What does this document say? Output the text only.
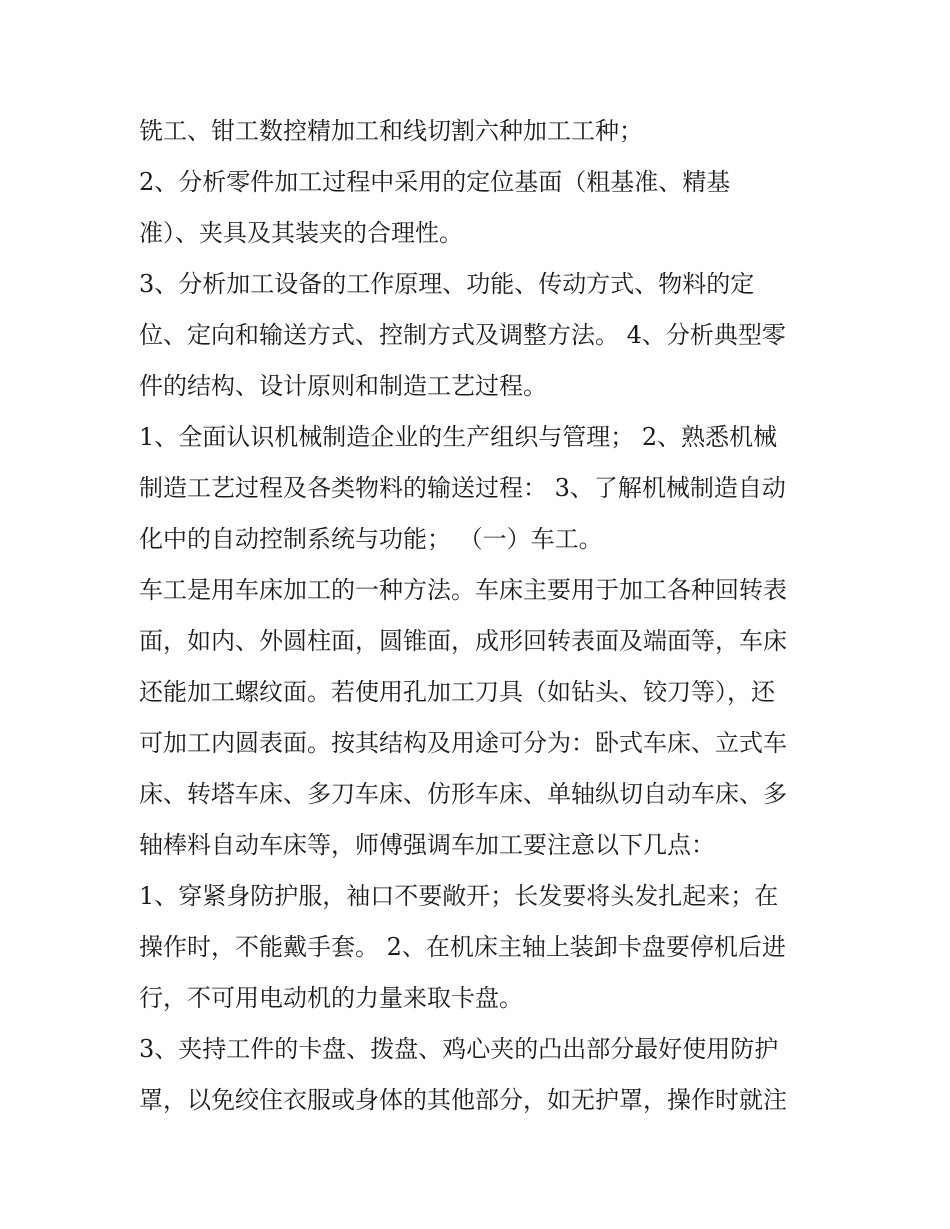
铣工、钳工数控精加工和线切割六种加工工种；
2、分析零件加工过程中采用的定位基面（粗基准、精基
准）、夹具及其装夹的合理性。
3、分析加工设备的工作原理、功能、传动方式、物料的定
位、定向和输送方式、控制方式及调整方法。 4、分析典型零
件的结构、设计原则和制造工艺过程。
1、全面认识机械制造企业的生产组织与管理； 2、熟悉机械
制造工艺过程及各类物料的输送过程： 3、了解机械制造自动
化中的自动控制系统与功能； （一）车工。
车工是用车床加工的一种方法。车床主要用于加工各种回转表
面，如内、外圆柱面，圆锥面，成形回转表面及端面等，车床
还能加工螺纹面。若使用孔加工刀具（如钻头、铰刀等），还
可加工内圆表面。按其结构及用途可分为：卧式车床、立式车
床、转塔车床、多刀车床、仿形车床、单轴纵切自动车床、多
轴棒料自动车床等，师傅强调车加工要注意以下几点：
1、穿紧身防护服，袖口不要敞开；长发要将头发扎起来；在
操作时，不能戴手套。 2、在机床主轴上装卸卡盘要停机后进
行，不可用电动机的力量来取卡盘。
3、夹持工件的卡盘、拨盘、鸡心夹的凸出部分最好使用防护
罩，以免绞住衣服或身体的其他部分，如无护罩，操作时就注
